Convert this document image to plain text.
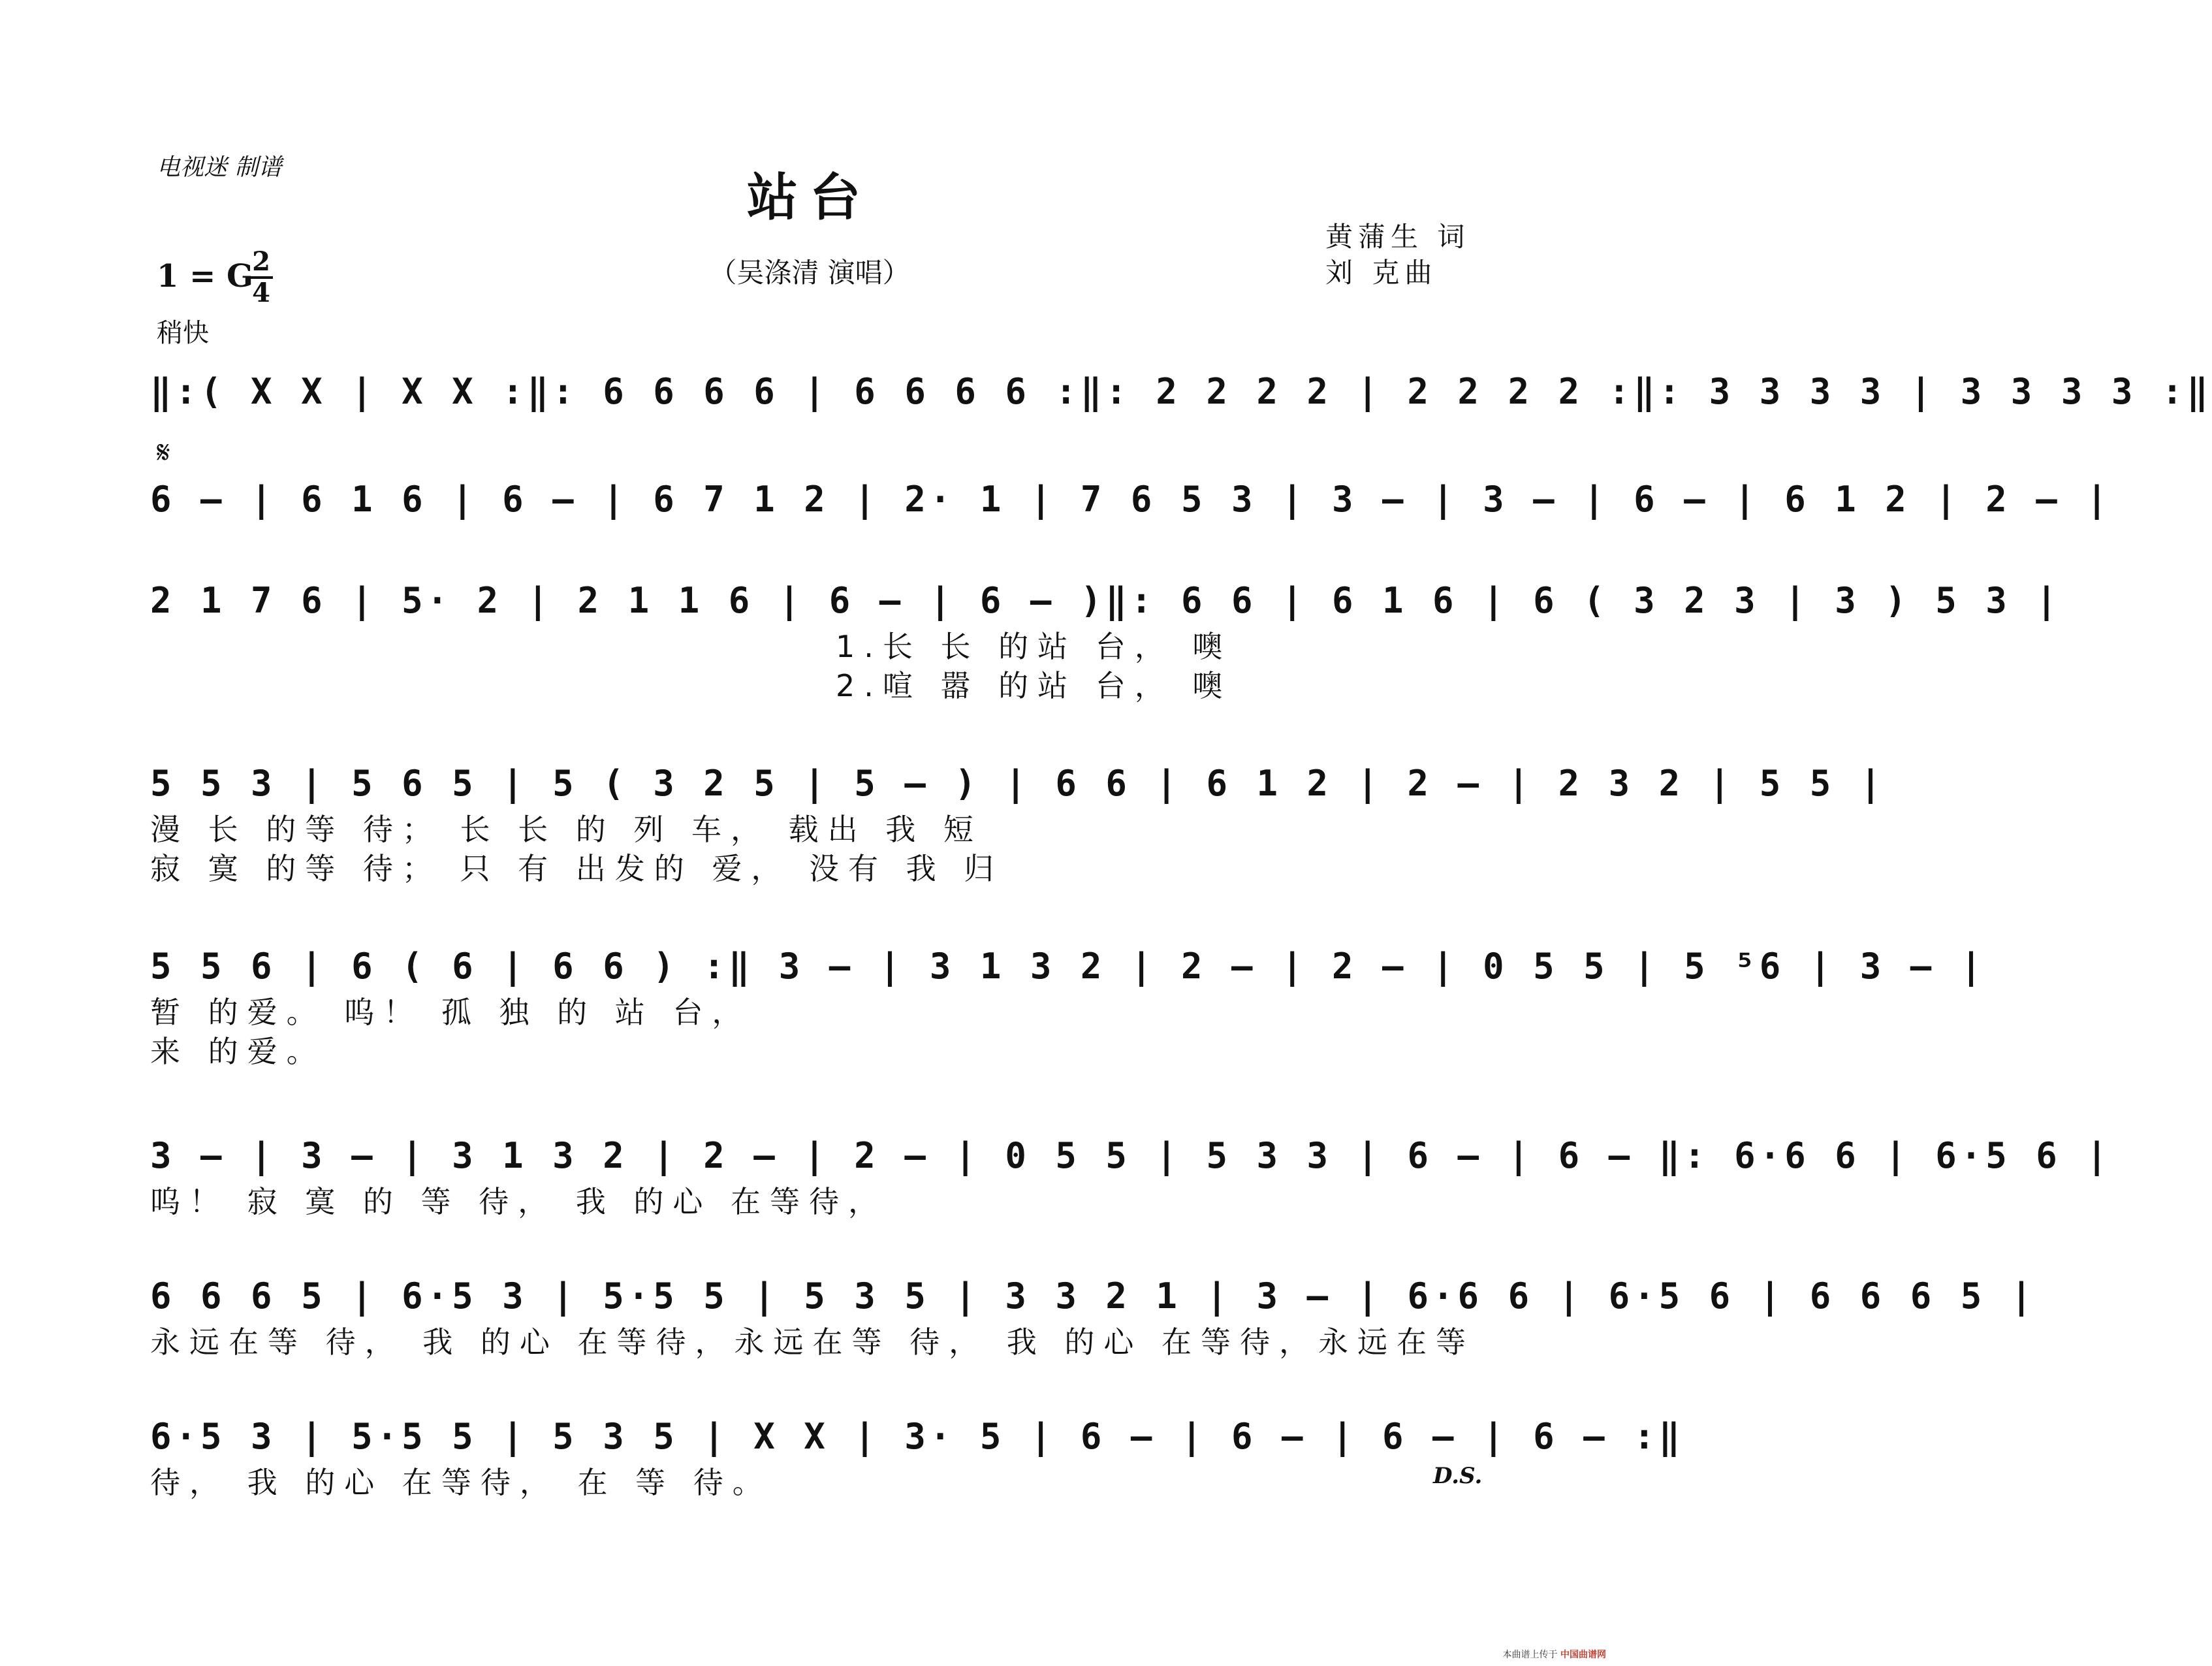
电视迷 制谱
站台
（吴涤清 演唱）
黄蒲生 词
刘 克曲
1 = G
2
4
稍快
𝄋
D.S.
‖:( X X | X X :‖: 6 6 6 6 | 6 6 6 6 :‖: 2 2 2 2 | 2 2 2 2 :‖: 3 3 3 3 | 3 3 3 3 :‖
6 – | 6 1 6 | 6 – | 6 7 1 2 | 2· 1 | 7 6 5 3 | 3 – | 3 – | 6 – | 6 1 2 | 2 – |
2 1 7 6 | 5· 2 | 2 1 1 6 | 6 – | 6 – )‖: 6 6 | 6 1 6 | 6 ( 3 2 3 | 3 ) 5 3 |
1.长 长 的站 台， 噢
2.喧 嚣 的站 台， 噢
5 5 3 | 5 6 5 | 5 ( 3 2 5 | 5 – ) | 6 6 | 6 1 2 | 2 – | 2 3 2 | 5 5 |
漫 长 的等 待； 长 长 的 列 车， 载出 我 短
寂 寞 的等 待； 只 有 出发的 爱， 没有 我 归
5 5 6 | 6 ( 6 | 6 6 ) :‖ 3 – | 3 1 3 2 | 2 – | 2 – | 0 5 5 | 5 ⁵6 | 3 – |
暂 的爱。 呜！ 孤 独 的 站 台，
来 的爱。
3 – | 3 – | 3 1 3 2 | 2 – | 2 – | 0 5 5 | 5 3 3 | 6 – | 6 – ‖: 6·6 6 | 6·5 6 |
呜！ 寂 寞 的 等 待， 我 的心 在等待，
6 6 6 5 | 6·5 3 | 5·5 5 | 5 3 5 | 3 3 2 1 | 3 – | 6·6 6 | 6·5 6 | 6 6 6 5 |
永远在等 待， 我 的心 在等待，永远在等 待， 我 的心 在等待，永远在等
6·5 3 | 5·5 5 | 5 3 5 | X X | 3· 5 | 6 – | 6 – | 6 – | 6 – :‖
待， 我 的心 在等待， 在 等 待。
本曲谱上传于 中国曲谱网
